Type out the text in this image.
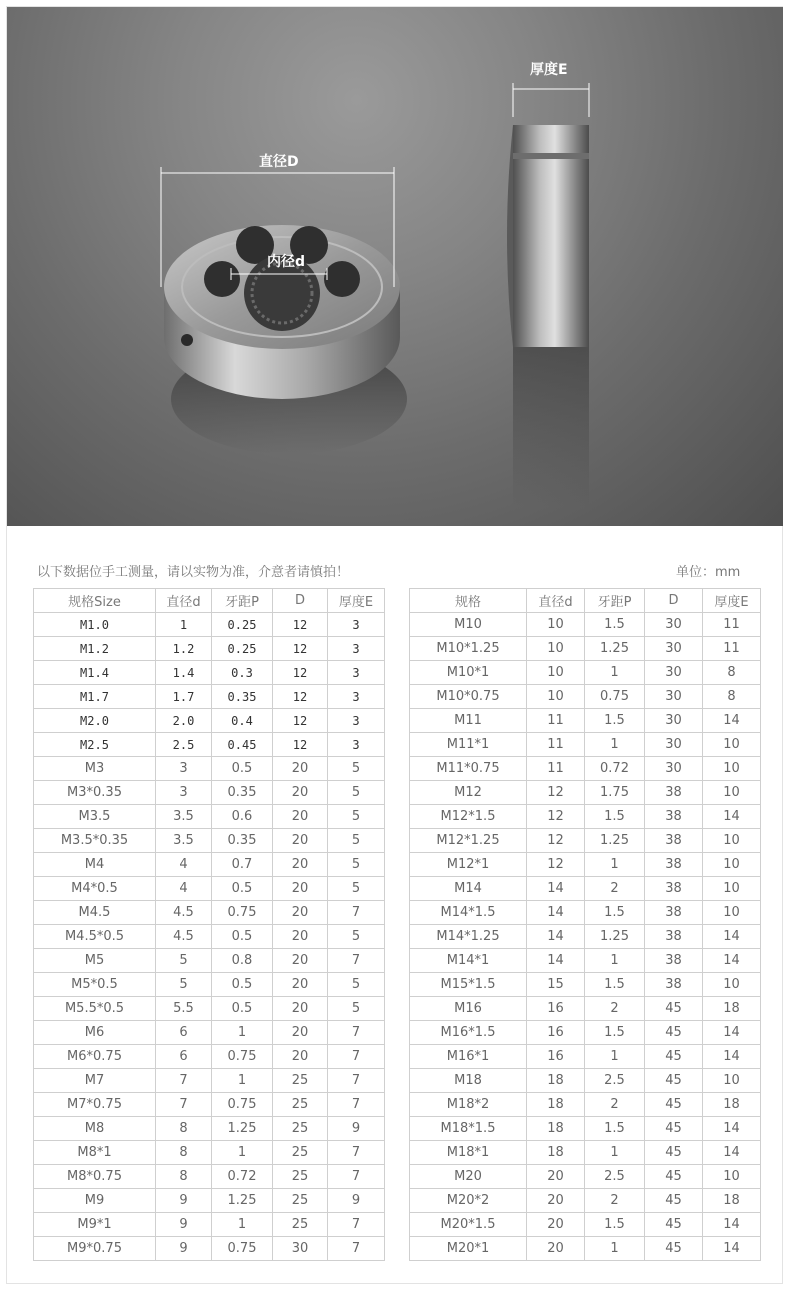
直径D
内径d
厚度E
以下数据位手工测量，请以实物为准，介意者请慎拍！	单位：mm
规格Size	直径d	牙距P	D	厚度E
M1.0	1	0.25	12	3
M1.2	1.2	0.25	12	3
M1.4	1.4	0.3	12	3
M1.7	1.7	0.35	12	3
M2.0	2.0	0.4	12	3
M2.5	2.5	0.45	12	3
M3	3	0.5	20	5
M3*0.35	3	0.35	20	5
M3.5	3.5	0.6	20	5
M3.5*0.35	3.5	0.35	20	5
M4	4	0.7	20	5
M4*0.5	4	0.5	20	5
M4.5	4.5	0.75	20	7
M4.5*0.5	4.5	0.5	20	5
M5	5	0.8	20	7
M5*0.5	5	0.5	20	5
M5.5*0.5	5.5	0.5	20	5
M6	6	1	20	7
M6*0.75	6	0.75	20	7
M7	7	1	25	7
M7*0.75	7	0.75	25	7
M8	8	1.25	25	9
M8*1	8	1	25	7
M8*0.75	8	0.72	25	7
M9	9	1.25	25	9
M9*1	9	1	25	7
M9*0.75	9	0.75	30	7
规格	直径d	牙距P	D	厚度E
M10	10	1.5	30	11
M10*1.25	10	1.25	30	11
M10*1	10	1	30	8
M10*0.75	10	0.75	30	8
M11	11	1.5	30	14
M11*1	11	1	30	10
M11*0.75	11	0.72	30	10
M12	12	1.75	38	10
M12*1.5	12	1.5	38	14
M12*1.25	12	1.25	38	10
M12*1	12	1	38	10
M14	14	2	38	10
M14*1.5	14	1.5	38	10
M14*1.25	14	1.25	38	14
M14*1	14	1	38	14
M15*1.5	15	1.5	38	10
M16	16	2	45	18
M16*1.5	16	1.5	45	14
M16*1	16	1	45	14
M18	18	2.5	45	10
M18*2	18	2	45	18
M18*1.5	18	1.5	45	14
M18*1	18	1	45	14
M20	20	2.5	45	10
M20*2	20	2	45	18
M20*1.5	20	1.5	45	14
M20*1	20	1	45	14
